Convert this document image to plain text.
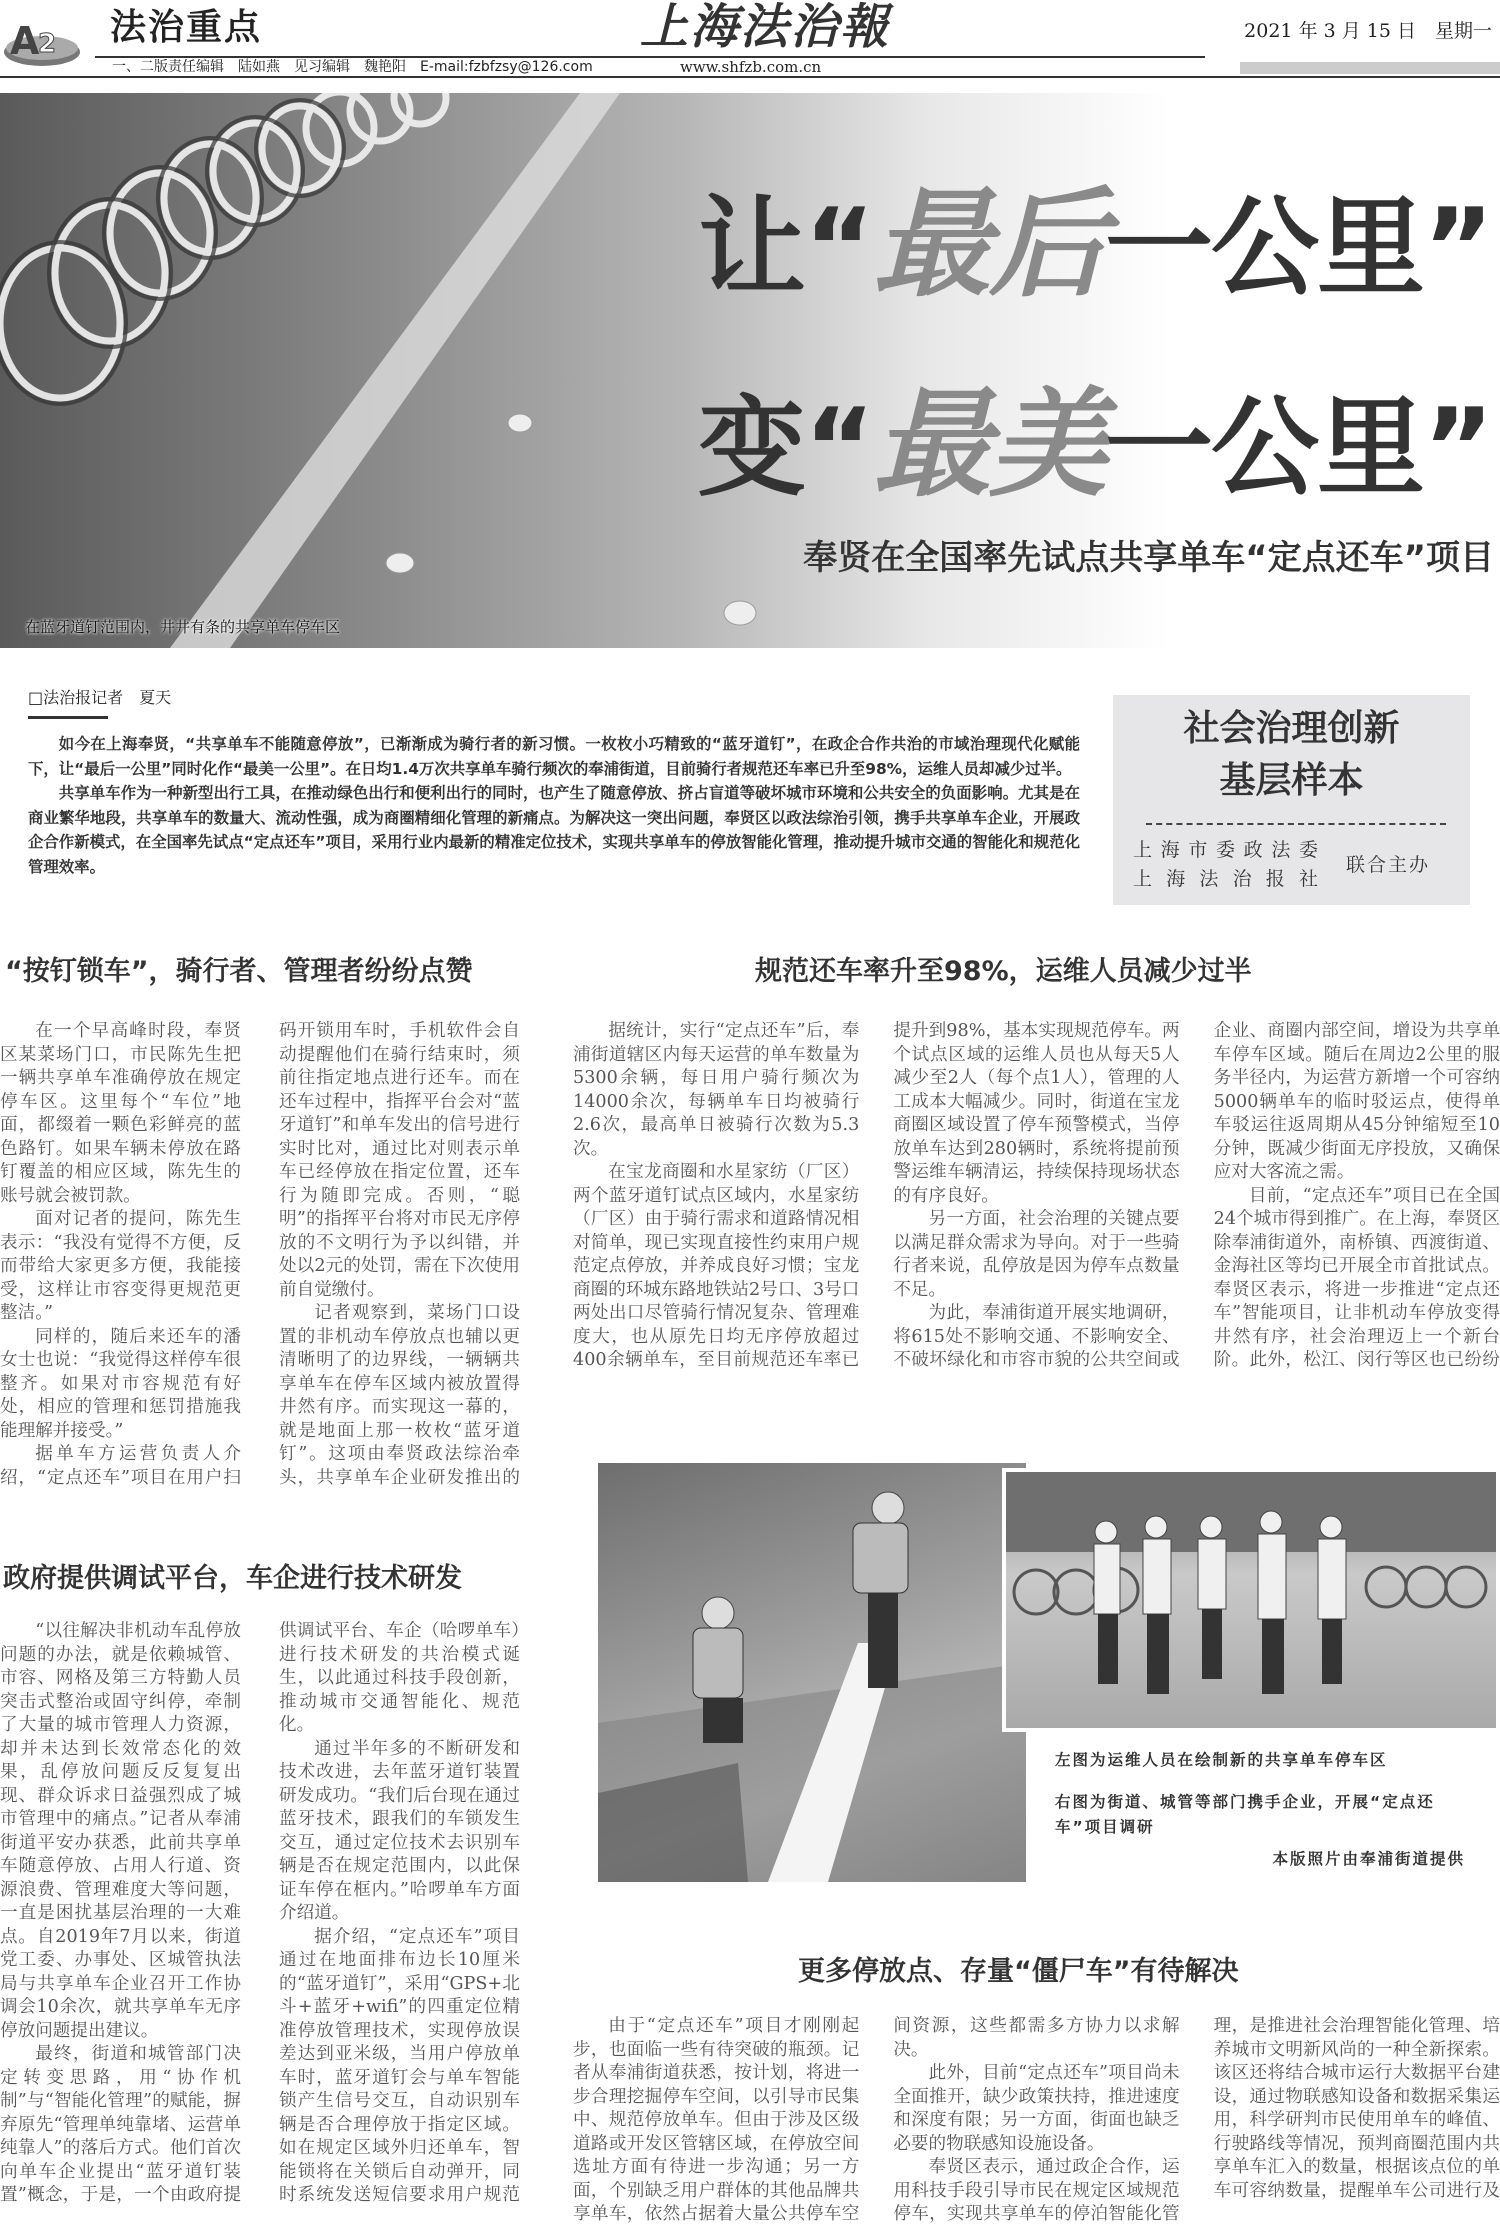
A
2 法治重点	上海法治報	2021 年 3 月 15 日　星期一
一、二版责任编辑　陆如燕　见习编辑　魏艳阳　E-mail:fzbfzsy@126.com	www.shfzb.com.cn
让“最后一公里”
变“最美一公里”
奉贤在全国率先试点共享单车“定点还车”项目
在蓝牙道钉范围内，井井有条的共享单车停车区
□法治报记者　夏天

如今在上海奉贤，“共享单车不能随意停放”，已渐渐成为骑行者的新习惯。一枚枚小巧精致的“蓝牙道钉”，在政企合作共治的市域治理现代化赋能下，让“最后一公里”同时化作“最美一公里”。在日均1.4万次共享单车骑行频次的奉浦街道，目前骑行者规范还车率已升至98%，运维人员却减少过半。

共享单车作为一种新型出行工具，在推动绿色出行和便利出行的同时，也产生了随意停放、挤占盲道等破坏城市环境和公共安全的负面影响。尤其是在商业繁华地段，共享单车的数量大、流动性强，成为商圈精细化管理的新痛点。为解决这一突出问题，奉贤区以政法综治引领，携手共享单车企业，开展政企合作新模式，在全国率先试点“定点还车”项目，采用行业内最新的精准定位技术，实现共享单车的停放智能化管理，推动提升城市交通的智能化和规范化管理效率。

社会治理创新
基层样本
上海市委政法委
上海法治报社
联合主办
“按钉锁车”，骑行者、管理者纷纷点赞

在一个早高峰时段，奉贤区某菜场门口，市民陈先生把一辆共享单车准确停放在规定停车区。这里每个“车位”地面，都缀着一颗色彩鲜亮的蓝色路钉。如果车辆未停放在路钉覆盖的相应区域，陈先生的账号就会被罚款。

面对记者的提问，陈先生表示：“我没有觉得不方便，反而带给大家更多方便，我能接受，这样让市容变得更规范更整洁。”

同样的，随后来还车的潘女士也说：“我觉得这样停车很整齐。如果对市容规范有好处，相应的管理和惩罚措施我能理解并接受。”

据单车方运营负责人介绍，“定点还车”项目在用户扫码开锁用车时，手机软件会自动提醒他们在骑行结束时，须前往指定地点进行还车。而在还车过程中，指挥平台会对“蓝牙道钉”和单车发出的信号进行实时比对，通过比对则表示单车已经停放在指定位置，还车行为随即完成。否则，“聪明”的指挥平台将对市民无序停放的不文明行为予以纠错，并处以2元的处罚，需在下次使用前自觉缴付。

记者观察到，菜场门口设置的非机动车停放点也辅以更清晰明了的边界线，一辆辆共享单车在停车区域内被放置得井然有序。而实现这一幕的，就是地面上那一枚枚“蓝牙道钉”。这项由奉贤政法综治牵头，共享单车企业研发推出的

规范还车率升至98%，运维人员减少过半

据统计，实行“定点还车”后，奉浦街道辖区内每天运营的单车数量为5300余辆，每日用户骑行频次为14000余次，每辆单车日均被骑行2.6次，最高单日被骑行次数为5.3次。

在宝龙商圈和水星家纺（厂区）两个蓝牙道钉试点区域内，水星家纺（厂区）由于骑行需求和道路情况相对简单，现已实现直接性约束用户规范定点停放，并养成良好习惯；宝龙商圈的环城东路地铁站2号口、3号口两处出口尽管骑行情况复杂、管理难度大，也从原先日均无序停放超过400余辆单车，至目前规范还车率已提升到98%，基本实现规范停车。两个试点区域的运维人员也从每天5人减少至2人（每个点1人），管理的人工成本大幅减少。同时，街道在宝龙商圈区域设置了停车预警模式，当停放单车达到280辆时，系统将提前预警运维车辆清运，持续保持现场状态的有序良好。

另一方面，社会治理的关键点要以满足群众需求为导向。对于一些骑行者来说，乱停放是因为停车点数量不足。

为此，奉浦街道开展实地调研，将615处不影响交通、不影响安全、不破坏绿化和市容市貌的公共空间或企业、商圈内部空间，增设为共享单车停车区域。随后在周边2公里的服务半径内，为运营方新增一个可容纳5000辆单车的临时驳运点，使得单车驳运往返周期从45分钟缩短至10分钟，既减少街面无序投放，又确保应对大客流之需。

目前，“定点还车”项目已在全国24个城市得到推广。在上海，奉贤区除奉浦街道外，南桥镇、西渡街道、金海社区等均已开展全市首批试点。奉贤区表示，将进一步推进“定点还车”智能项目，让非机动车停放变得井然有序，社会治理迈上一个新台阶。此外，松江、闵行等区也已纷纷

政府提供调试平台，车企进行技术研发

“以往解决非机动车乱停放问题的办法，就是依赖城管、市容、网格及第三方特勤人员突击式整治或固守纠停，牵制了大量的城市管理人力资源，却并未达到长效常态化的效果，乱停放问题反反复复出现、群众诉求日益强烈成了城市管理中的痛点。”记者从奉浦街道平安办获悉，此前共享单车随意停放、占用人行道、资源浪费、管理难度大等问题，一直是困扰基层治理的一大难点。自2019年7月以来，街道党工委、办事处、区城管执法局与共享单车企业召开工作协调会10余次，就共享单车无序停放问题提出建议。

最终，街道和城管部门决定转变思路，用“协作机制”与“智能化管理”的赋能，摒弃原先“管理单纯靠堵、运营单纯靠人”的落后方式。他们首次向单车企业提出“蓝牙道钉装置”概念，于是，一个由政府提供调试平台、车企（哈啰单车）进行技术研发的共治模式诞生，以此通过科技手段创新，推动城市交通智能化、规范化。

通过半年多的不断研发和技术改进，去年蓝牙道钉装置研发成功。“我们后台现在通过蓝牙技术，跟我们的车锁发生交互，通过定位技术去识别车辆是否在规定范围内，以此保证车停在框内。”哈啰单车方面介绍道。

据介绍，“定点还车”项目通过在地面排布边长10厘米的“蓝牙道钉”，采用“GPS+北斗+蓝牙+wifi”的四重定位精准停放管理技术，实现停放误差达到亚米级，当用户停放单车时，蓝牙道钉会与单车智能锁产生信号交互，自动识别车辆是否合理停放于指定区域。如在规定区域外归还单车，智能锁将在关锁后自动弹开，同时系统发送短信要求用户规范

左图为运维人员在绘制新的共享单车停车区
右图为街道、城管等部门携手企业，开展“定点还车”项目调研
本版照片由奉浦街道提供
更多停放点、存量“僵尸车”有待解决

由于“定点还车”项目才刚刚起步，也面临一些有待突破的瓶颈。记者从奉浦街道获悉，按计划，将进一步合理挖掘停车空间，以引导市民集中、规范停放单车。但由于涉及区级道路或开发区管辖区域，在停放空间选址方面有待进一步沟通；另一方面，个别缺乏用户群体的其他品牌共享单车，依然占据着大量公共停车空间资源，这些都需多方协力以求解决。

此外，目前“定点还车”项目尚未全面推开，缺少政策扶持，推进速度和深度有限；另一方面，街面也缺乏必要的物联感知设施设备。

奉贤区表示，通过政企合作，运用科技手段引导市民在规定区域规范停车，实现共享单车的停泊智能化管理，是推进社会治理智能化管理、培养城市文明新风尚的一种全新探索。该区还将结合城市运行大数据平台建设，通过物联感知设备和数据采集运用，科学研判市民使用单车的峰值、行驶路线等情况，预判商圈范围内共享单车汇入的数量，根据该点位的单车可容纳数量，提醒单车公司进行及
